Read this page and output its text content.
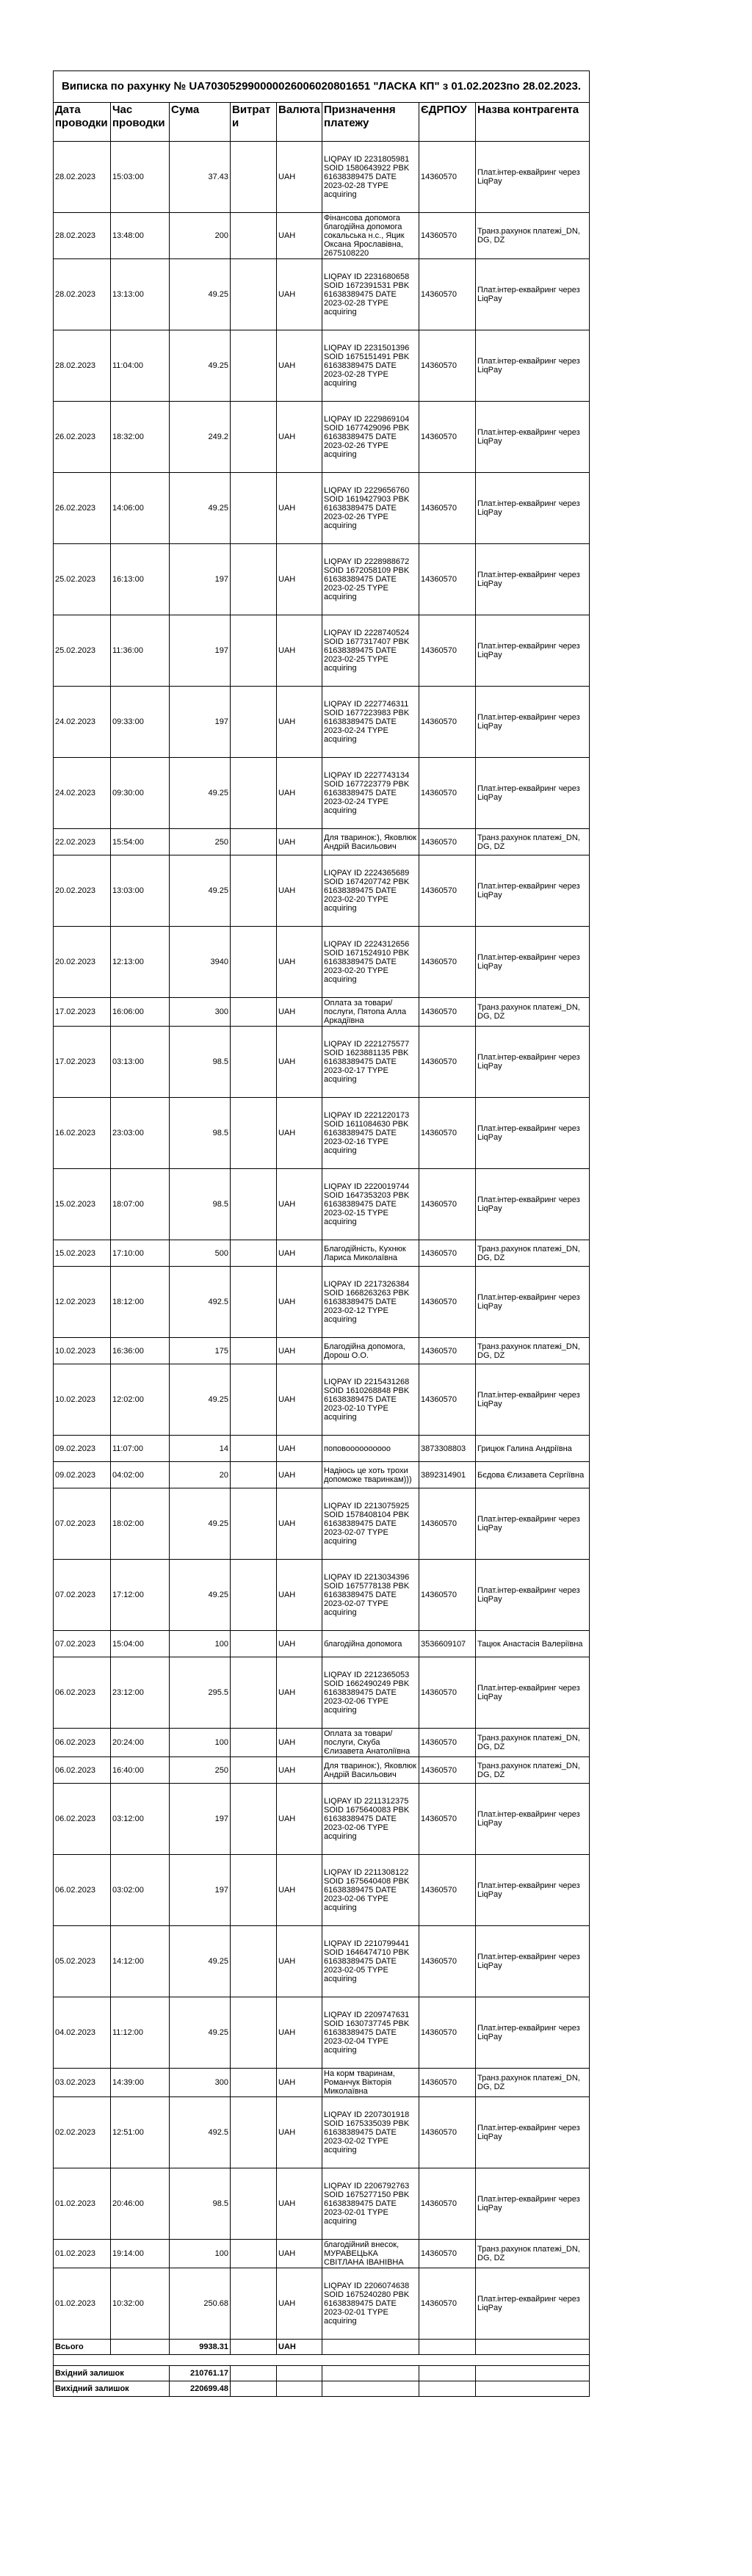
Виписка по рахунку № UA703052990000026006020801651 "ЛАСКА КП" з 01.02.2023по 28.02.2023.							
Дата проводки	Час проводки	Сума	Витрати	Валюта	Призначення платежу	ЄДРПОУ	Назва контрагента
28.02.2023	15:03:00	37.43		UAH	LIQPAY ID 2231805981 SOID 1580643922 PBK 61638389475 DATE 2023-02-28 TYPE acquiring	14360570	Плат.інтер-еквайринг через LiqPay
28.02.2023	13:48:00	200		UAH	Фінансова допомога благодійна допомога сокальська н.с., Яцик Оксана Ярославівна, 2675108220	14360570	Транз.рахунок платежі_DN, DG, DZ
28.02.2023	13:13:00	49.25		UAH	LIQPAY ID 2231680658 SOID 1672391531 PBK 61638389475 DATE 2023-02-28 TYPE acquiring	14360570	Плат.інтер-еквайринг через LiqPay
28.02.2023	11:04:00	49.25		UAH	LIQPAY ID 2231501396 SOID 1675151491 PBK 61638389475 DATE 2023-02-28 TYPE acquiring	14360570	Плат.інтер-еквайринг через LiqPay
26.02.2023	18:32:00	249.2		UAH	LIQPAY ID 2229869104 SOID 1677429096 PBK 61638389475 DATE 2023-02-26 TYPE acquiring	14360570	Плат.інтер-еквайринг через LiqPay
26.02.2023	14:06:00	49.25		UAH	LIQPAY ID 2229656760 SOID 1619427903 PBK 61638389475 DATE 2023-02-26 TYPE acquiring	14360570	Плат.інтер-еквайринг через LiqPay
25.02.2023	16:13:00	197		UAH	LIQPAY ID 2228988672 SOID 1672058109 PBK 61638389475 DATE 2023-02-25 TYPE acquiring	14360570	Плат.інтер-еквайринг через LiqPay
25.02.2023	11:36:00	197		UAH	LIQPAY ID 2228740524 SOID 1677317407 PBK 61638389475 DATE 2023-02-25 TYPE acquiring	14360570	Плат.інтер-еквайринг через LiqPay
24.02.2023	09:33:00	197		UAH	LIQPAY ID 2227746311 SOID 1677223983 PBK 61638389475 DATE 2023-02-24 TYPE acquiring	14360570	Плат.інтер-еквайринг через LiqPay
24.02.2023	09:30:00	49.25		UAH	LIQPAY ID 2227743134 SOID 1677223779 PBK 61638389475 DATE 2023-02-24 TYPE acquiring	14360570	Плат.інтер-еквайринг через LiqPay
22.02.2023	15:54:00	250		UAH	Для тваринок:), Яковлюк Андрій Васильович	14360570	Транз.рахунок платежі_DN, DG, DZ
20.02.2023	13:03:00	49.25		UAH	LIQPAY ID 2224365689 SOID 1674207742 PBK 61638389475 DATE 2023-02-20 TYPE acquiring	14360570	Плат.інтер-еквайринг через LiqPay
20.02.2023	12:13:00	3940		UAH	LIQPAY ID 2224312656 SOID 1671524910 PBK 61638389475 DATE 2023-02-20 TYPE acquiring	14360570	Плат.інтер-еквайринг через LiqPay
17.02.2023	16:06:00	300		UAH	Оплата за товари/послуги, Пятопа Алла Аркадіївна	14360570	Транз.рахунок платежі_DN, DG, DZ
17.02.2023	03:13:00	98.5		UAH	LIQPAY ID 2221275577 SOID 1623881135 PBK 61638389475 DATE 2023-02-17 TYPE acquiring	14360570	Плат.інтер-еквайринг через LiqPay
16.02.2023	23:03:00	98.5		UAH	LIQPAY ID 2221220173 SOID 1611084630 PBK 61638389475 DATE 2023-02-16 TYPE acquiring	14360570	Плат.інтер-еквайринг через LiqPay
15.02.2023	18:07:00	98.5		UAH	LIQPAY ID 2220019744 SOID 1647353203 PBK 61638389475 DATE 2023-02-15 TYPE acquiring	14360570	Плат.інтер-еквайринг через LiqPay
15.02.2023	17:10:00	500		UAH	Благодійність, Кухнюк Лариса Миколаївна	14360570	Транз.рахунок платежі_DN, DG, DZ
12.02.2023	18:12:00	492.5		UAH	LIQPAY ID 2217326384 SOID 1668263263 PBK 61638389475 DATE 2023-02-12 TYPE acquiring	14360570	Плат.інтер-еквайринг через LiqPay
10.02.2023	16:36:00	175		UAH	Благодійна допомога, Дорош О.О.	14360570	Транз.рахунок платежі_DN, DG, DZ
10.02.2023	12:02:00	49.25		UAH	LIQPAY ID 2215431268 SOID 1610268848 PBK 61638389475 DATE 2023-02-10 TYPE acquiring	14360570	Плат.інтер-еквайринг через LiqPay
09.02.2023	11:07:00	14		UAH	поповоооооооооо	3873308803	Грицюк Галина Андріївна
09.02.2023	04:02:00	20		UAH	Надіюсь це хоть трохи допоможе тваринкам)))	3892314901	Бєдова Єлизавета Сергіївна
07.02.2023	18:02:00	49.25		UAH	LIQPAY ID 2213075925 SOID 1578408104 PBK 61638389475 DATE 2023-02-07 TYPE acquiring	14360570	Плат.інтер-еквайринг через LiqPay
07.02.2023	17:12:00	49.25		UAH	LIQPAY ID 2213034396 SOID 1675778138 PBK 61638389475 DATE 2023-02-07 TYPE acquiring	14360570	Плат.інтер-еквайринг через LiqPay
07.02.2023	15:04:00	100		UAH	благодійна допомога	3536609107	Тацюк Анастасія Валеріївна
06.02.2023	23:12:00	295.5		UAH	LIQPAY ID 2212365053 SOID 1662490249 PBK 61638389475 DATE 2023-02-06 TYPE acquiring	14360570	Плат.інтер-еквайринг через LiqPay
06.02.2023	20:24:00	100		UAH	Оплата за товари/послуги, Скуба Єлизавета Анатоліївна	14360570	Транз.рахунок платежі_DN, DG, DZ
06.02.2023	16:40:00	250		UAH	Для тваринок:), Яковлюк Андрій Васильович	14360570	Транз.рахунок платежі_DN, DG, DZ
06.02.2023	03:12:00	197		UAH	LIQPAY ID 2211312375 SOID 1675640083 PBK 61638389475 DATE 2023-02-06 TYPE acquiring	14360570	Плат.інтер-еквайринг через LiqPay
06.02.2023	03:02:00	197		UAH	LIQPAY ID 2211308122 SOID 1675640408 PBK 61638389475 DATE 2023-02-06 TYPE acquiring	14360570	Плат.інтер-еквайринг через LiqPay
05.02.2023	14:12:00	49.25		UAH	LIQPAY ID 2210799441 SOID 1646474710 PBK 61638389475 DATE 2023-02-05 TYPE acquiring	14360570	Плат.інтер-еквайринг через LiqPay
04.02.2023	11:12:00	49.25		UAH	LIQPAY ID 2209747631 SOID 1630737745 PBK 61638389475 DATE 2023-02-04 TYPE acquiring	14360570	Плат.інтер-еквайринг через LiqPay
03.02.2023	14:39:00	300		UAH	На корм тваринам, Романчук Вікторія Миколаївна	14360570	Транз.рахунок платежі_DN, DG, DZ
02.02.2023	12:51:00	492.5		UAH	LIQPAY ID 2207301918 SOID 1675335039 PBK 61638389475 DATE 2023-02-02 TYPE acquiring	14360570	Плат.інтер-еквайринг через LiqPay
01.02.2023	20:46:00	98.5		UAH	LIQPAY ID 2206792763 SOID 1675277150 PBK 61638389475 DATE 2023-02-01 TYPE acquiring	14360570	Плат.інтер-еквайринг через LiqPay
01.02.2023	19:14:00	100		UAH	благодійний внесок, МУРАВЕЦЬКА СВІТЛАНА ІВАНІВНА	14360570	Транз.рахунок платежі_DN, DG, DZ
01.02.2023	10:32:00	250.68		UAH	LIQPAY ID 2206074638 SOID 1675240280 PBK 61638389475 DATE 2023-02-01 TYPE acquiring	14360570	Плат.інтер-еквайринг через LiqPay
Всього		9938.31		UAH			

Вхідний залишок		210761.17					
Вихідний залишок		220699.48					
